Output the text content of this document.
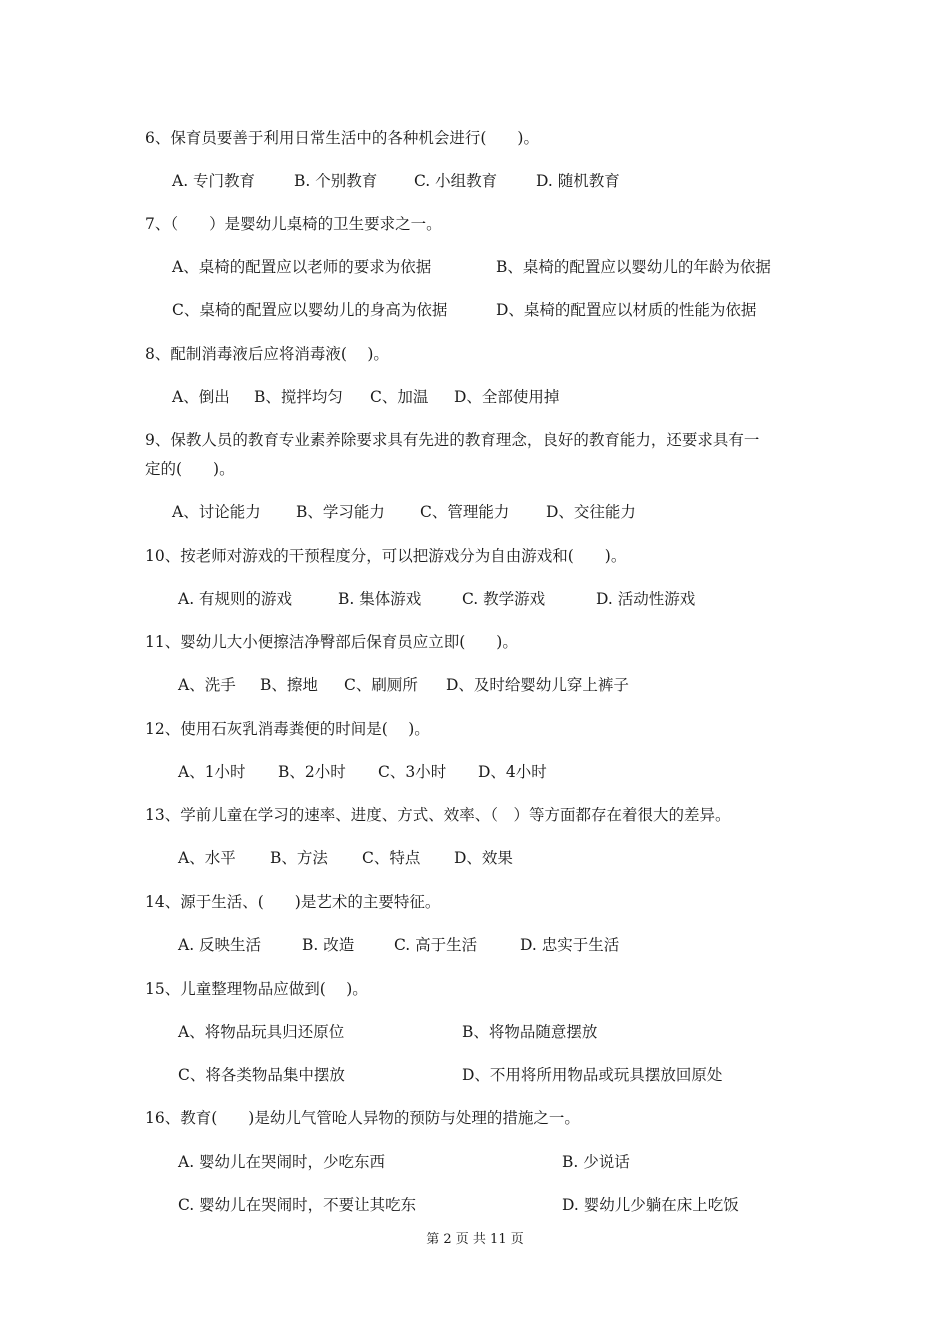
6、保育员要善于利用日常生活中的各种机会进行(　　)。
A. 专门教育	B. 个别教育 C. 小组教育	D. 随机教育
7、（　　）是婴幼儿桌椅的卫生要求之一。
A、桌椅的配置应以老师的要求为依据	B、桌椅的配置应以婴幼儿的年龄为依据
C、桌椅的配置应以婴幼儿的身高为依据	D、桌椅的配置应以材质的性能为依据
8、配制消毒液后应将消毒液(　 )。
A、倒出 B、搅拌均匀 C、加温 D、全部使用掉
9、保教人员的教育专业素养除要求具有先进的教育理念，良好的教育能力，还要求具有一
定的(　　)。
A、讨论能力 B、学习能力 C、管理能力 D、交往能力
10、按老师对游戏的干预程度分，可以把游戏分为自由游戏和(　　)。
A. 有规则的游戏	B. 集体游戏	C. 教学游戏	D. 活动性游戏
11、婴幼儿大小便擦洁净臀部后保育员应立即(　　)。
A、洗手 B、擦地 C、刷厕所 D、及时给婴幼儿穿上裤子
12、使用石灰乳消毒粪便的时间是(　 )。
A、1小时 B、2小时 C、3小时 D、4小时
13、学前儿童在学习的速率、进度、方式、效率、（　）等方面都存在着很大的差异。
A、水平 B、方法 C、特点 D、效果
14、源于生活、(　　)是艺术的主要特征。
A. 反映生活	B. 改造	C. 高于生活	D. 忠实于生活
15、儿童整理物品应做到(　 )。
A、将物品玩具归还原位	B、将物品随意摆放
C、将各类物品集中摆放	D、不用将所用物品或玩具摆放回原处
16、教育(　　)是幼儿气管呛人异物的预防与处理的措施之一。
A. 婴幼儿在哭闹时，少吃东西	B. 少说话
C. 婴幼儿在哭闹时，不要让其吃东	D. 婴幼儿少躺在床上吃饭
第 2 页 共 11 页
